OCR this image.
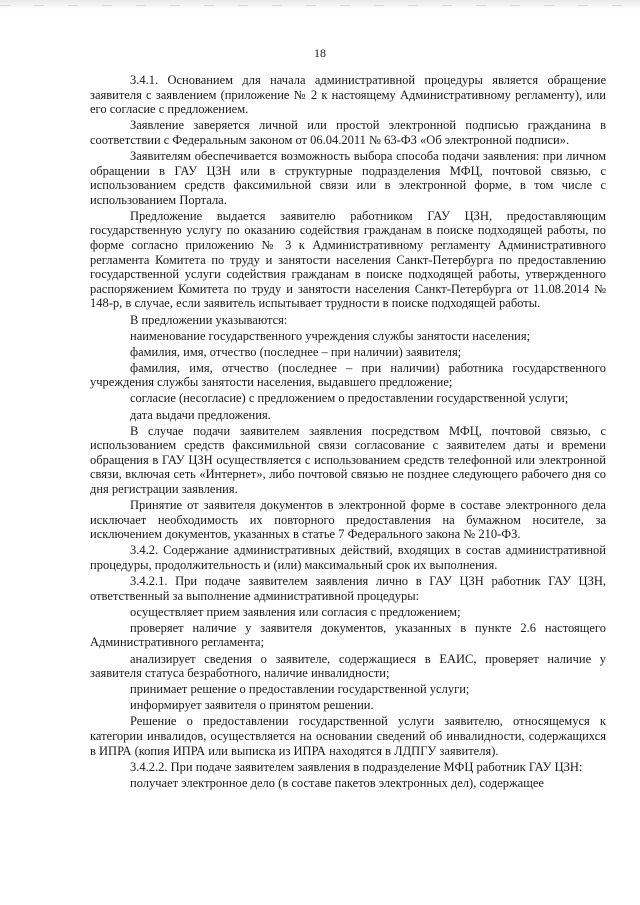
18

3.4.1. Основанием для начала административной процедуры является обращение заявителя с заявлением (приложение № 2 к настоящему Административному регламенту), или его согласие с предложением.

Заявление заверяется личной или простой электронной подписью гражданина в соответствии с Федеральным законом от 06.04.2011 № 63-ФЗ «Об электронной подписи».

Заявителям обеспечивается возможность выбора способа подачи заявления: при личном обращении в ГАУ ЦЗН или в структурные подразделения МФЦ, почтовой связью, с использованием средств факсимильной связи или в электронной форме, в том числе с использованием Портала.

Предложение выдается заявителю работником ГАУ ЦЗН, предоставляющим государственную услугу по оказанию содействия гражданам в поиске подходящей работы, по форме согласно приложению № 3 к Административному регламенту Административного регламента Комитета по труду и занятости населения Санкт-Петербурга по предоставлению государственной услуги содействия гражданам в поиске подходящей работы, утвержденного распоряжением Комитета по труду и занятости населения Санкт-Петербурга от 11.08.2014 № 148-р, в случае, если заявитель испытывает трудности в поиске подходящей работы.

В предложении указываются:

наименование государственного учреждения службы занятости населения;

фамилия, имя, отчество (последнее – при наличии) заявителя;

фамилия, имя, отчество (последнее – при наличии) работника государственного учреждения службы занятости населения, выдавшего предложение;

согласие (несогласие) с предложением о предоставлении государственной услуги;

дата выдачи предложения.

В случае подачи заявителем заявления посредством МФЦ, почтовой связью, с использованием средств факсимильной связи согласование с заявителем даты и времени обращения в ГАУ ЦЗН осуществляется с использованием средств телефонной или электронной связи, включая сеть «Интернет», либо почтовой связью не позднее следующего рабочего дня со дня регистрации заявления.

Принятие от заявителя документов в электронной форме в составе электронного дела исключает необходимость их повторного предоставления на бумажном носителе, за исключением документов, указанных в статье 7 Федерального закона № 210-ФЗ.

3.4.2. Содержание административных действий, входящих в состав административной процедуры, продолжительность и (или) максимальный срок их выполнения.

3.4.2.1. При подаче заявителем заявления лично в ГАУ ЦЗН работник ГАУ ЦЗН, ответственный за выполнение административной процедуры:

осуществляет прием заявления или согласия с предложением;

проверяет наличие у заявителя документов, указанных в пункте 2.6 настоящего Административного регламента;

анализирует сведения о заявителе, содержащиеся в ЕАИС, проверяет наличие у заявителя статуса безработного, наличие инвалидности;

принимает решение о предоставлении государственной услуги;

информирует заявителя о принятом решении.

Решение о предоставлении государственной услуги заявителю, относящемуся к категории инвалидов, осуществляется на основании сведений об инвалидности, содержащихся в ИПРА (копия ИПРА или выписка из ИПРА находятся в ЛДПГУ заявителя).

3.4.2.2. При подаче заявителем заявления в подразделение МФЦ работник ГАУ ЦЗН:

получает электронное дело (в составе пакетов электронных дел), содержащее
